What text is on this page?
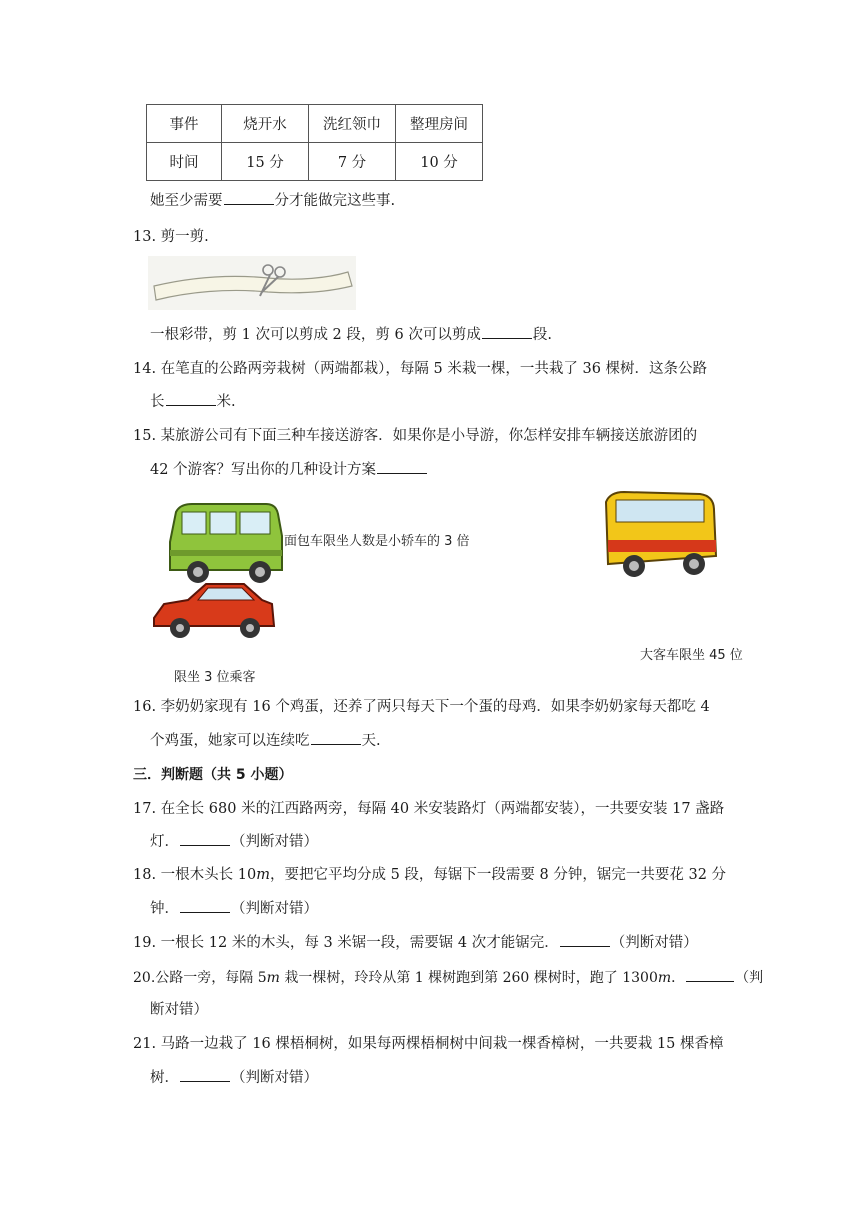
事件	烧开水	洗红领巾	整理房间
时间	15 分	7 分	10 分
她至少需要	分才能做完这些事.
13. 剪一剪.
一根彩带，剪 1 次可以剪成 2 段，剪 6 次可以剪成	段.
14. 在笔直的公路两旁栽树（两端都栽），每隔 5 米栽一棵，一共栽了 36 棵树．这条公路
长	米.
15. 某旅游公司有下面三种车接送游客．如果你是小导游，你怎样安排车辆接送旅游团的
42 个游客？写出你的几种设计方案
面包车限坐人数是小轿车的 3 倍
限坐 3 位乘客
大客车限坐 45 位
16. 李奶奶家现有 16 个鸡蛋，还养了两只每天下一个蛋的母鸡．如果李奶奶家每天都吃 4
个鸡蛋，她家可以连续吃	天.
三．判断题（共 5 小题）
17. 在全长 680 米的江西路两旁，每隔 40 米安装路灯（两端都安装），一共要安装 17 盏路
灯．	（判断对错）
18. 一根木头长 10m，要把它平均分成 5 段，每锯下一段需要 8 分钟，锯完一共要花 32 分
钟．	（判断对错）
19. 一根长 12 米的木头，每 3 米锯一段，需要锯 4 次才能锯完．	（判断对错）
20.公路一旁，每隔 5m 栽一棵树，玲玲从第 1 棵树跑到第 260 棵树时，跑了 1300m．	（判
断对错）
21. 马路一边栽了 16 棵梧桐树，如果每两棵梧桐树中间栽一棵香樟树，一共要栽 15 棵香樟
树．	（判断对错）
